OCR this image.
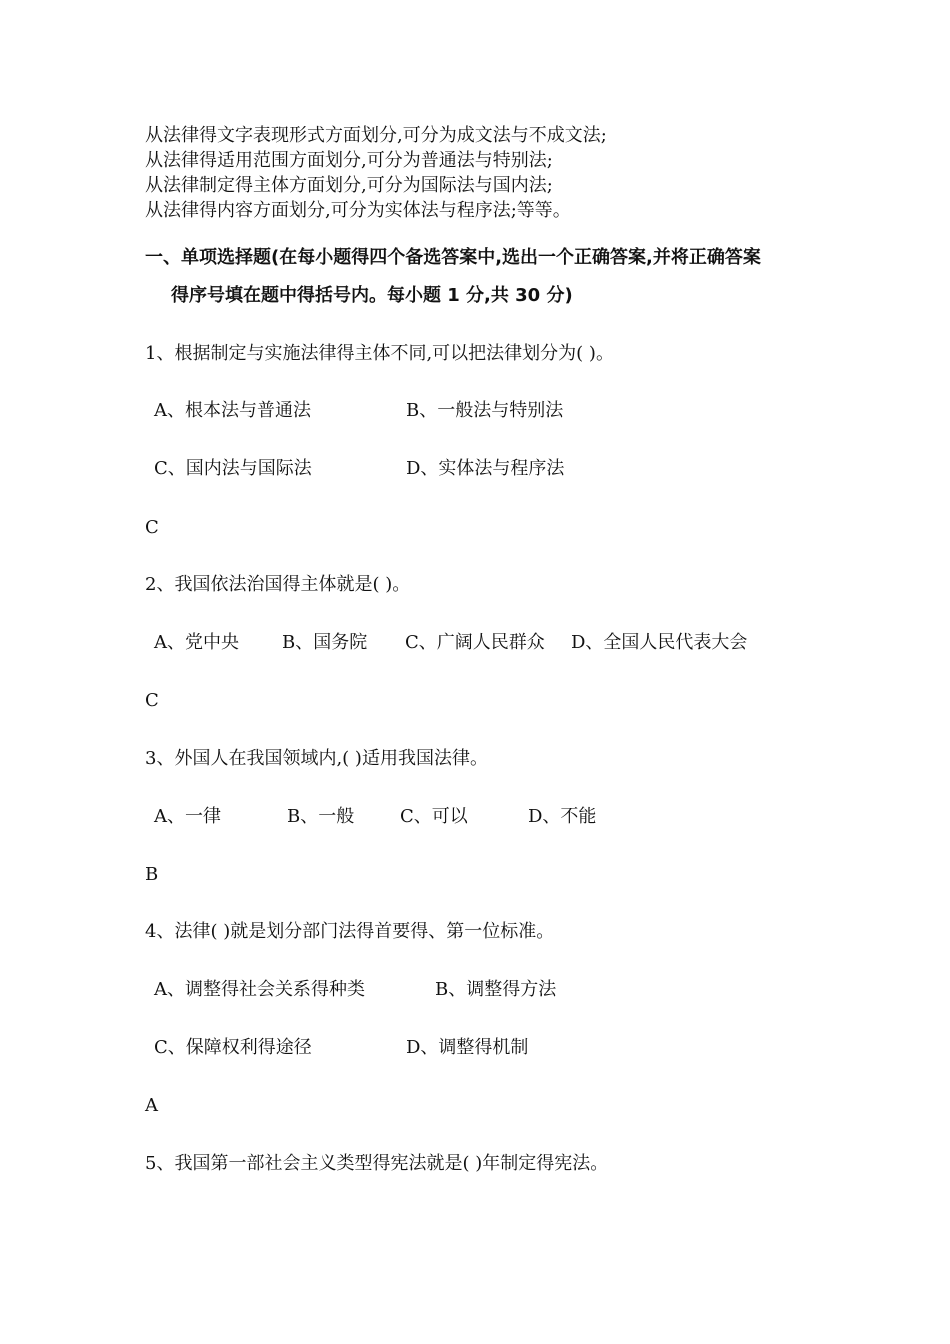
从法律得文字表现形式方面划分,可分为成文法与不成文法;
从法律得适用范围方面划分,可分为普通法与特别法;
从法律制定得主体方面划分,可分为国际法与国内法;
从法律得内容方面划分,可分为实体法与程序法;等等。
一、单项选择题(在每小题得四个备选答案中,选出一个正确答案,并将正确答案
得序号填在题中得括号内。每小题 1 分,共 30 分)
1、根据制定与实施法律得主体不同,可以把法律划分为( )。
A、根本法与普通法	B、一般法与特别法
C、国内法与国际法	D、实体法与程序法
C
2、我国依法治国得主体就是( )。
A、党中央 B、国务院 C、广阔人民群众 D、全国人民代表大会
C
3、外国人在我国领域内,( )适用我国法律。
A、一律	B、一般	C、可以	D、不能
B
4、法律( )就是划分部门法得首要得、第一位标准。
A、调整得社会关系得种类	B、调整得方法
C、保障权利得途径	D、调整得机制
A
5、我国第一部社会主义类型得宪法就是( )年制定得宪法。
